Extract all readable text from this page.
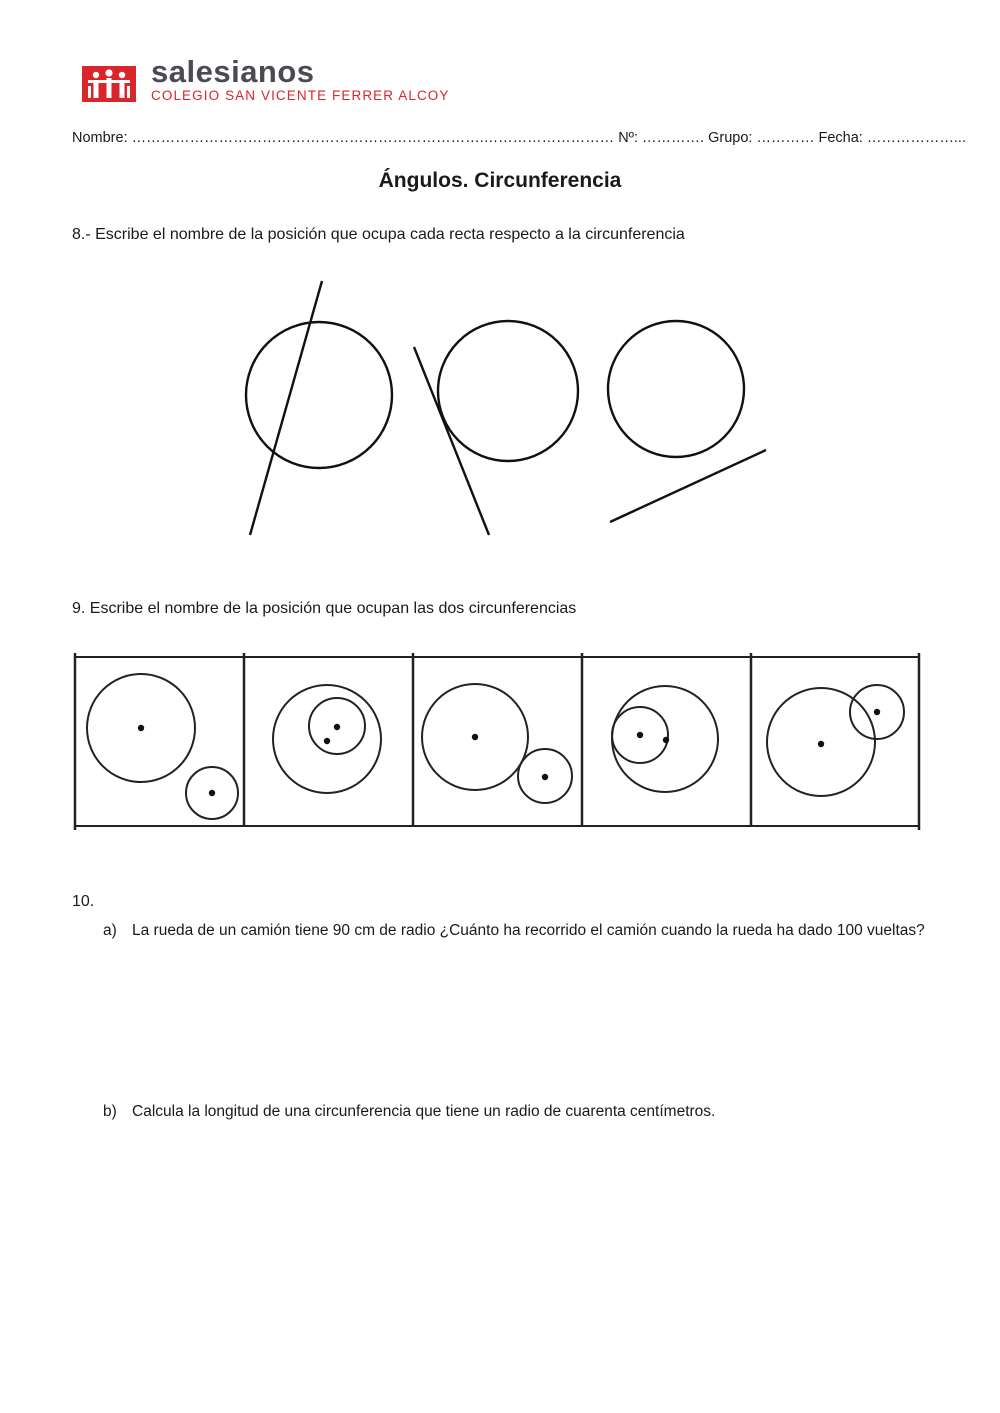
salesianos
COLEGIO SAN VICENTE FERRER ALCOY
Nombre: ……………………………………………………………….……………………… Nº: …………. Grupo: ………… Fecha: ………………...
Ángulos. Circunferencia
8.- Escribe el nombre de la posición que ocupa cada recta respecto a la circunferencia
9. Escribe el nombre de la posición que ocupan las dos circunferencias
10.
a) La rueda de un camión tiene 90 cm de radio ¿Cuánto ha recorrido el camión cuando la rueda ha dado 100 vueltas?
b) Calcula la longitud de una circunferencia que tiene un radio de cuarenta centímetros.
